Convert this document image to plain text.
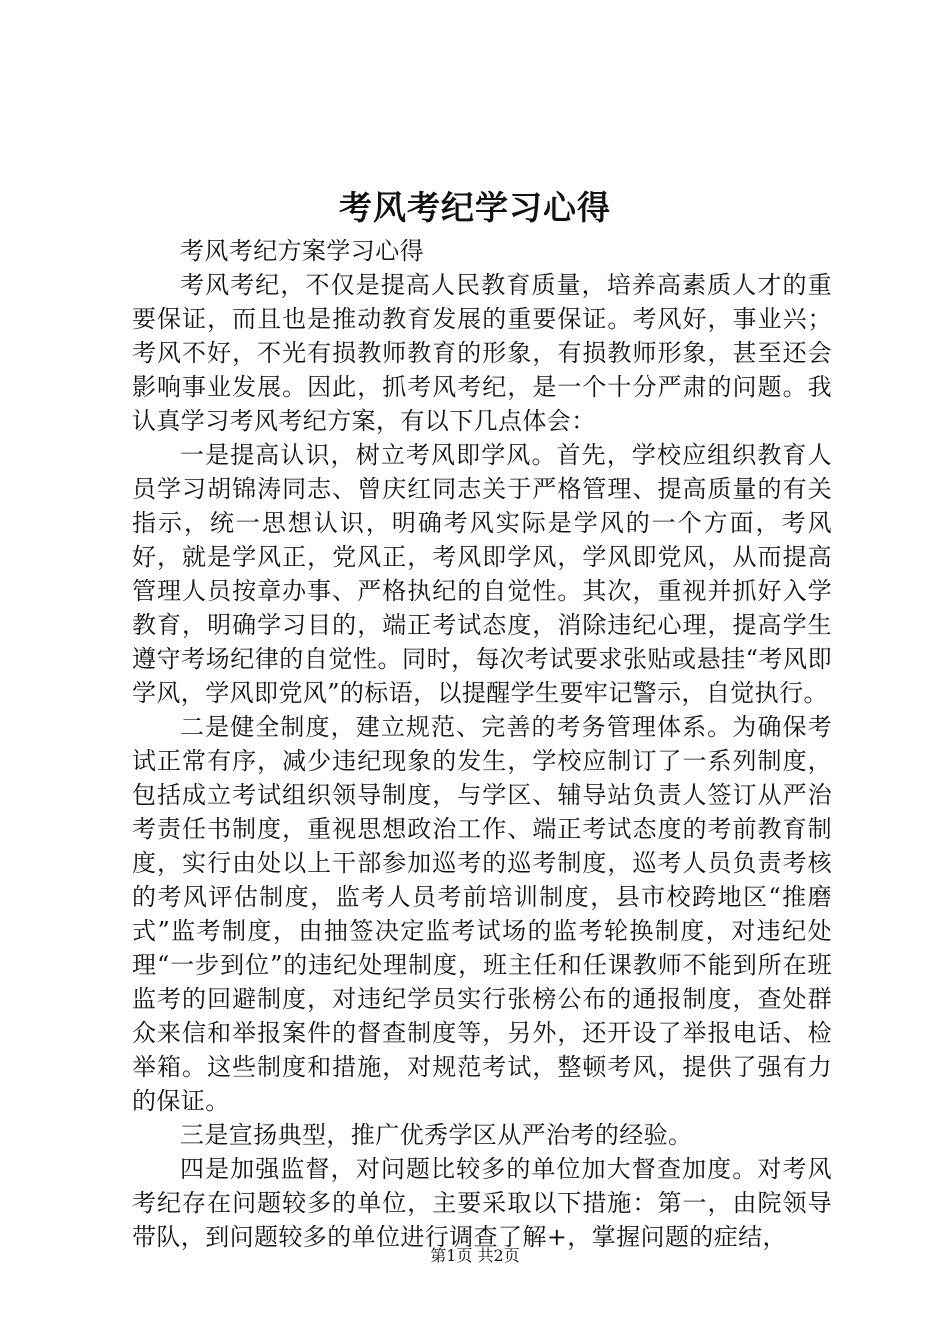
考风考纪学习心得

考风考纪方案学习心得

考风考纪，不仅是提高人民教育质量，培养高素质人才的重要保证，而且也是推动教育发展的重要保证。考风好，事业兴；考风不好，不光有损教师教育的形象，有损教师形象，甚至还会影响事业发展。因此，抓考风考纪，是一个十分严肃的问题。我认真学习考风考纪方案，有以下几点体会：

一是提高认识，树立考风即学风。首先，学校应组织教育人员学习胡锦涛同志、曾庆红同志关于严格管理、提高质量的有关指示，统一思想认识，明确考风实际是学风的一个方面，考风好，就是学风正，党风正，考风即学风，学风即党风，从而提高管理人员按章办事、严格执纪的自觉性。其次，重视并抓好入学教育，明确学习目的，端正考试态度，消除违纪心理，提高学生遵守考场纪律的自觉性。同时，每次考试要求张贴或悬挂“考风即学风，学风即党风”的标语，以提醒学生要牢记警示，自觉执行。

二是健全制度，建立规范、完善的考务管理体系。为确保考试正常有序，减少违纪现象的发生，学校应制订了一系列制度，包括成立考试组织领导制度，与学区、辅导站负责人签订从严治考责任书制度，重视思想政治工作、端正考试态度的考前教育制度，实行由处以上干部参加巡考的巡考制度，巡考人员负责考核的考风评估制度，监考人员考前培训制度，县市校跨地区“推磨式”监考制度，由抽签决定监考试场的监考轮换制度，对违纪处理“一步到位”的违纪处理制度，班主任和任课教师不能到所在班监考的回避制度，对违纪学员实行张榜公布的通报制度，查处群众来信和举报案件的督查制度等，另外，还开设了举报电话、检举箱。这些制度和措施，对规范考试，整顿考风，提供了强有力的保证。

三是宣扬典型，推广优秀学区从严治考的经验。

四是加强监督，对问题比较多的单位加大督查加度。对考风考纪存在问题较多的单位，主要采取以下措施：第一，由院领导带队，到问题较多的单位进行调查了解+，掌握问题的症结，

第1页 共2页
